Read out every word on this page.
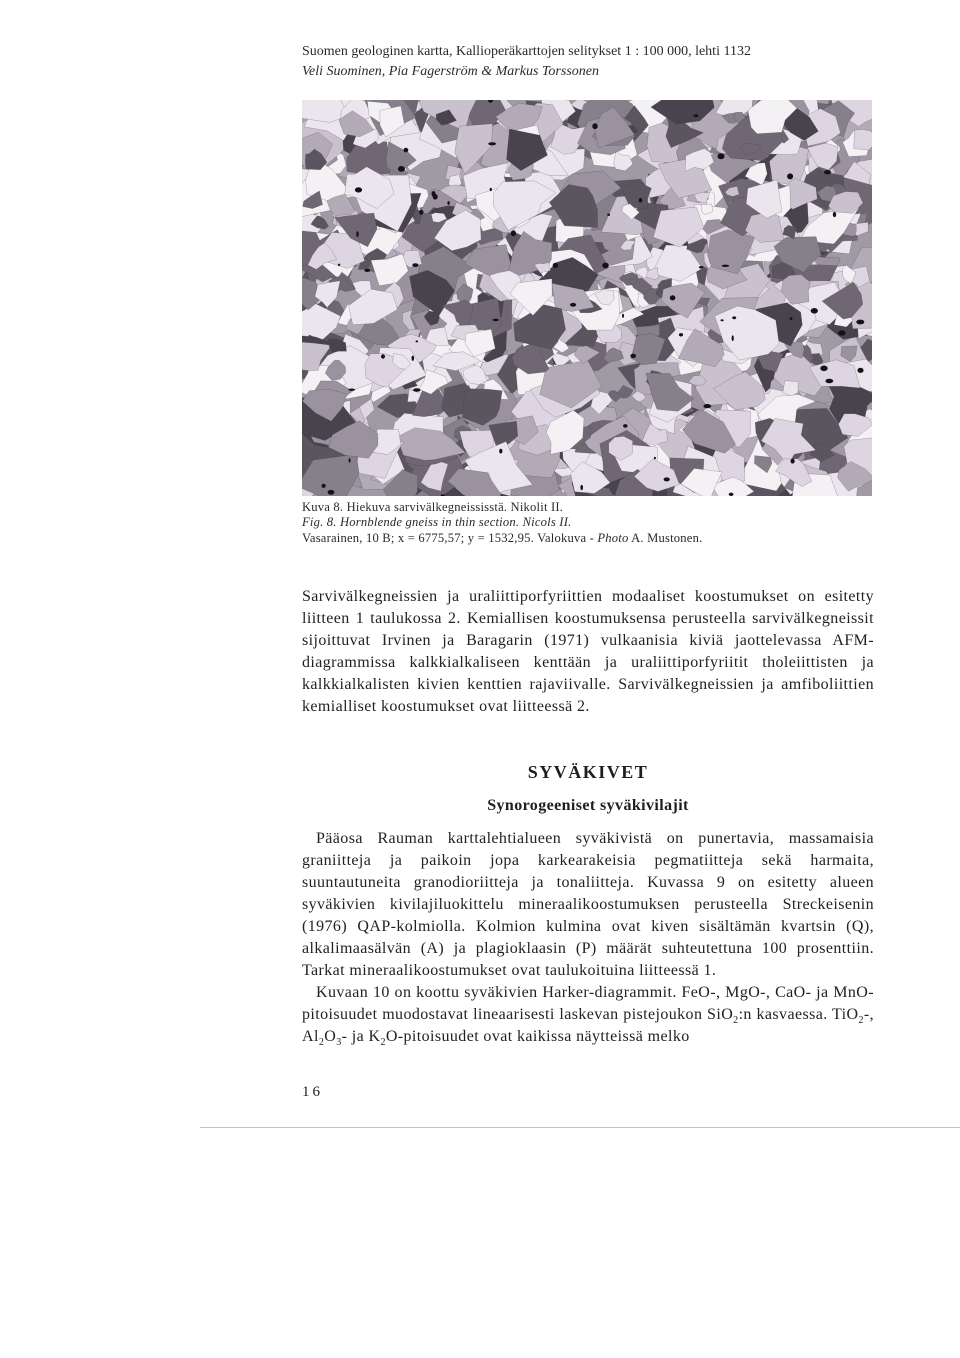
Suomen geologinen kartta, Kallioperäkarttojen selitykset 1 : 100 000, lehti 1132
Veli Suominen, Pia Fagerström & Markus Torssonen
Kuva 8. Hiekuva sarvivälkegneississtä. Nikolit II.
Fig. 8. Hornblende gneiss in thin section. Nicols II.
Vasarainen, 10 B; x = 6775,57; y = 1532,95. Valokuva - Photo A. Mustonen.

Sarvivälkegneissien ja uraliittiporfyriittien modaaliset koostumukset on esitetty liitteen 1 taulukossa 2. Kemiallisen koostumuksensa perusteella sarvivälkegneissit sijoittuvat Irvinen ja Baragarin (1971) vulkaanisia kiviä jaottelevassa AFM-diagrammissa kalkkialkaliseen kenttään ja uraliittiporfyriitit tholeiittisten ja kalkkialkalisten kivien kenttien rajaviivalle. Sarvivälkegneissien ja amfiboliittien kemialliset koostumukset ovat liitteessä 2.

SYVÄKIVET
Synorogeeniset syväkivilajit

Pääosa Rauman karttalehtialueen syväkivistä on punertavia, massamaisia graniitteja ja paikoin jopa karkearakeisia pegmatiitteja sekä harmaita, suuntautuneita granodioriitteja ja tonaliitteja. Kuvassa 9 on esitetty alueen syväkivien kivilajiluokittelu mineraalikoostumuksen perusteella Streckeisenin (1976) QAP-kolmiolla. Kolmion kulmina ovat kiven sisältämän kvartsin (Q), alkalimaasälvän (A) ja plagioklaasin (P) määrät suhteutettuna 100 prosenttiin. Tarkat mineraalikoostumukset ovat taulukoituina liitteessä 1.

Kuvaan 10 on koottu syväkivien Harker-diagrammit. FeO-, MgO-, CaO- ja MnO-pitoisuudet muodostavat lineaarisesti laskevan pistejoukon SiO$_2$:n kasvaessa. TiO$_2$-, $Al_2O_3-$ ja $K_2O$-pitoisuudet ovat kaikissa näytteissä melko

16
